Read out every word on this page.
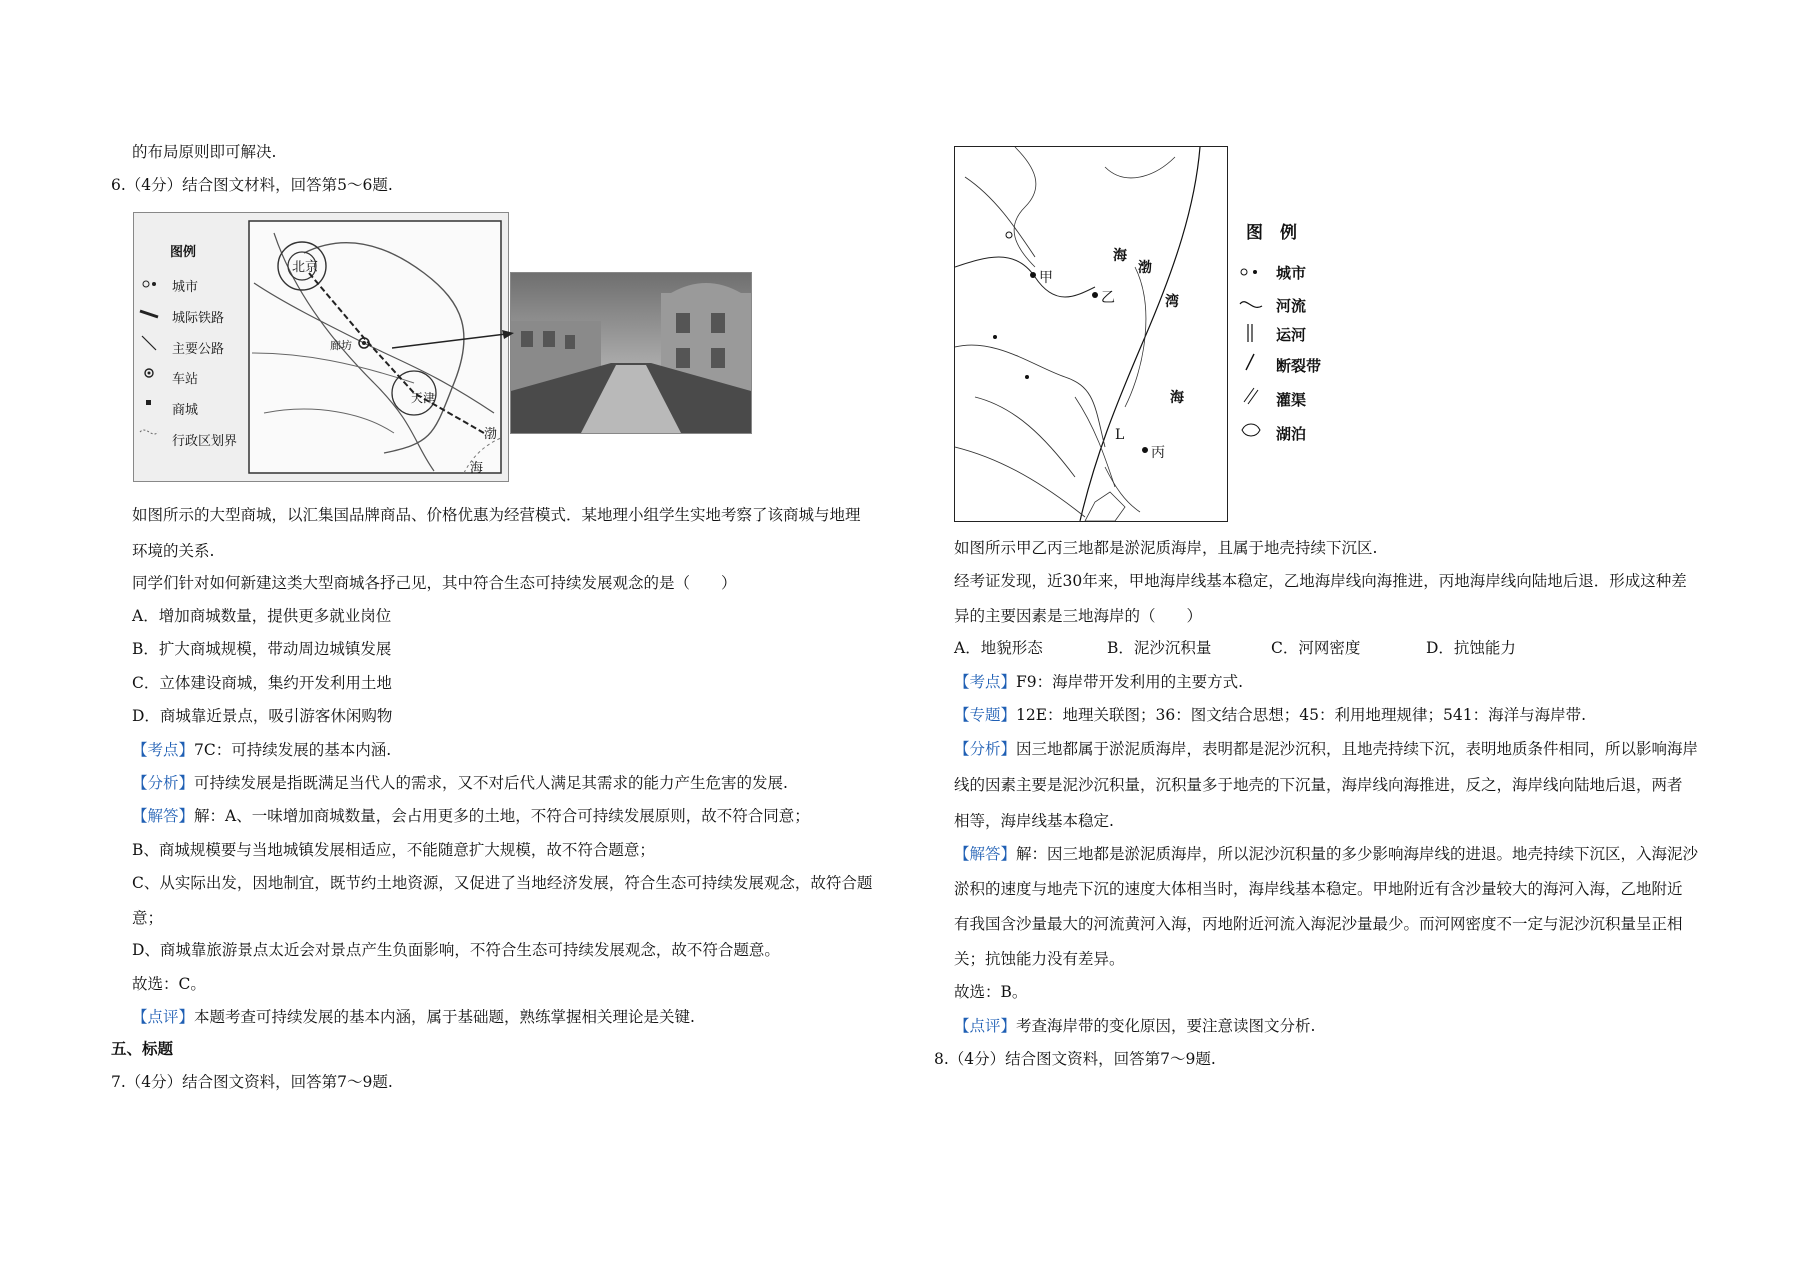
的布局原则即可解决.
6.（4分）结合图文材料，回答第5～6题.
图例
城市
城际铁路
主要公路
车站
商城
行政区划界
北京
廊坊
天津
渤
海
如图所示的大型商城，以汇集国品牌商品、价格优惠为经营模式．某地理小组学生实地考察了该商城与地理
环境的关系.
同学们针对如何新建这类大型商城各抒己见，其中符合生态可持续发展观念的是（　　）
A．增加商城数量，提供更多就业岗位
B．扩大商城规模，带动周边城镇发展
C．立体建设商城，集约开发利用土地
D．商城靠近景点，吸引游客休闲购物
【考点】7C：可持续发展的基本内涵.
【分析】可持续发展是指既满足当代人的需求，又不对后代人满足其需求的能力产生危害的发展.
【解答】解：A、一味增加商城数量，会占用更多的土地，不符合可持续发展原则，故不符合同意；
B、商城规模要与当地城镇发展相适应，不能随意扩大规模，故不符合题意；
C、从实际出发，因地制宜，既节约土地资源，又促进了当地经济发展，符合生态可持续发展观念，故符合题
意；
D、商城靠旅游景点太近会对景点产生负面影响，不符合生态可持续发展观念，故不符合题意。
故选：C。
【点评】本题考查可持续发展的基本内涵，属于基础题，熟练掌握相关理论是关键.
五、标题
7.（4分）结合图文资料，回答第7～9题.
渤
海
湾
海
甲
乙
丙
L
图　例
城市
河流
运河
断裂带
灌渠
湖泊
如图所示甲乙丙三地都是淤泥质海岸，且属于地壳持续下沉区.
经考证发现，近30年来，甲地海岸线基本稳定，乙地海岸线向海推进，丙地海岸线向陆地后退．形成这种差
异的主要因素是三地海岸的（　　）
A．地貌形态	B．泥沙沉积量	C．河网密度	D．抗蚀能力
【考点】F9：海岸带开发利用的主要方式.
【专题】12E：地理关联图；36：图文结合思想；45：利用地理规律；541：海洋与海岸带.
【分析】因三地都属于淤泥质海岸，表明都是泥沙沉积，且地壳持续下沉，表明地质条件相同，所以影响海岸
线的因素主要是泥沙沉积量，沉积量多于地壳的下沉量，海岸线向海推进，反之，海岸线向陆地后退，两者
相等，海岸线基本稳定.
【解答】解：因三地都是淤泥质海岸，所以泥沙沉积量的多少影响海岸线的进退。地壳持续下沉区，入海泥沙
淤积的速度与地壳下沉的速度大体相当时，海岸线基本稳定。甲地附近有含沙量较大的海河入海，乙地附近
有我国含沙量最大的河流黄河入海，丙地附近河流入海泥沙量最少。而河网密度不一定与泥沙沉积量呈正相
关；抗蚀能力没有差异。
故选：B。
【点评】考查海岸带的变化原因，要注意读图文分析.
8.（4分）结合图文资料，回答第7～9题.
